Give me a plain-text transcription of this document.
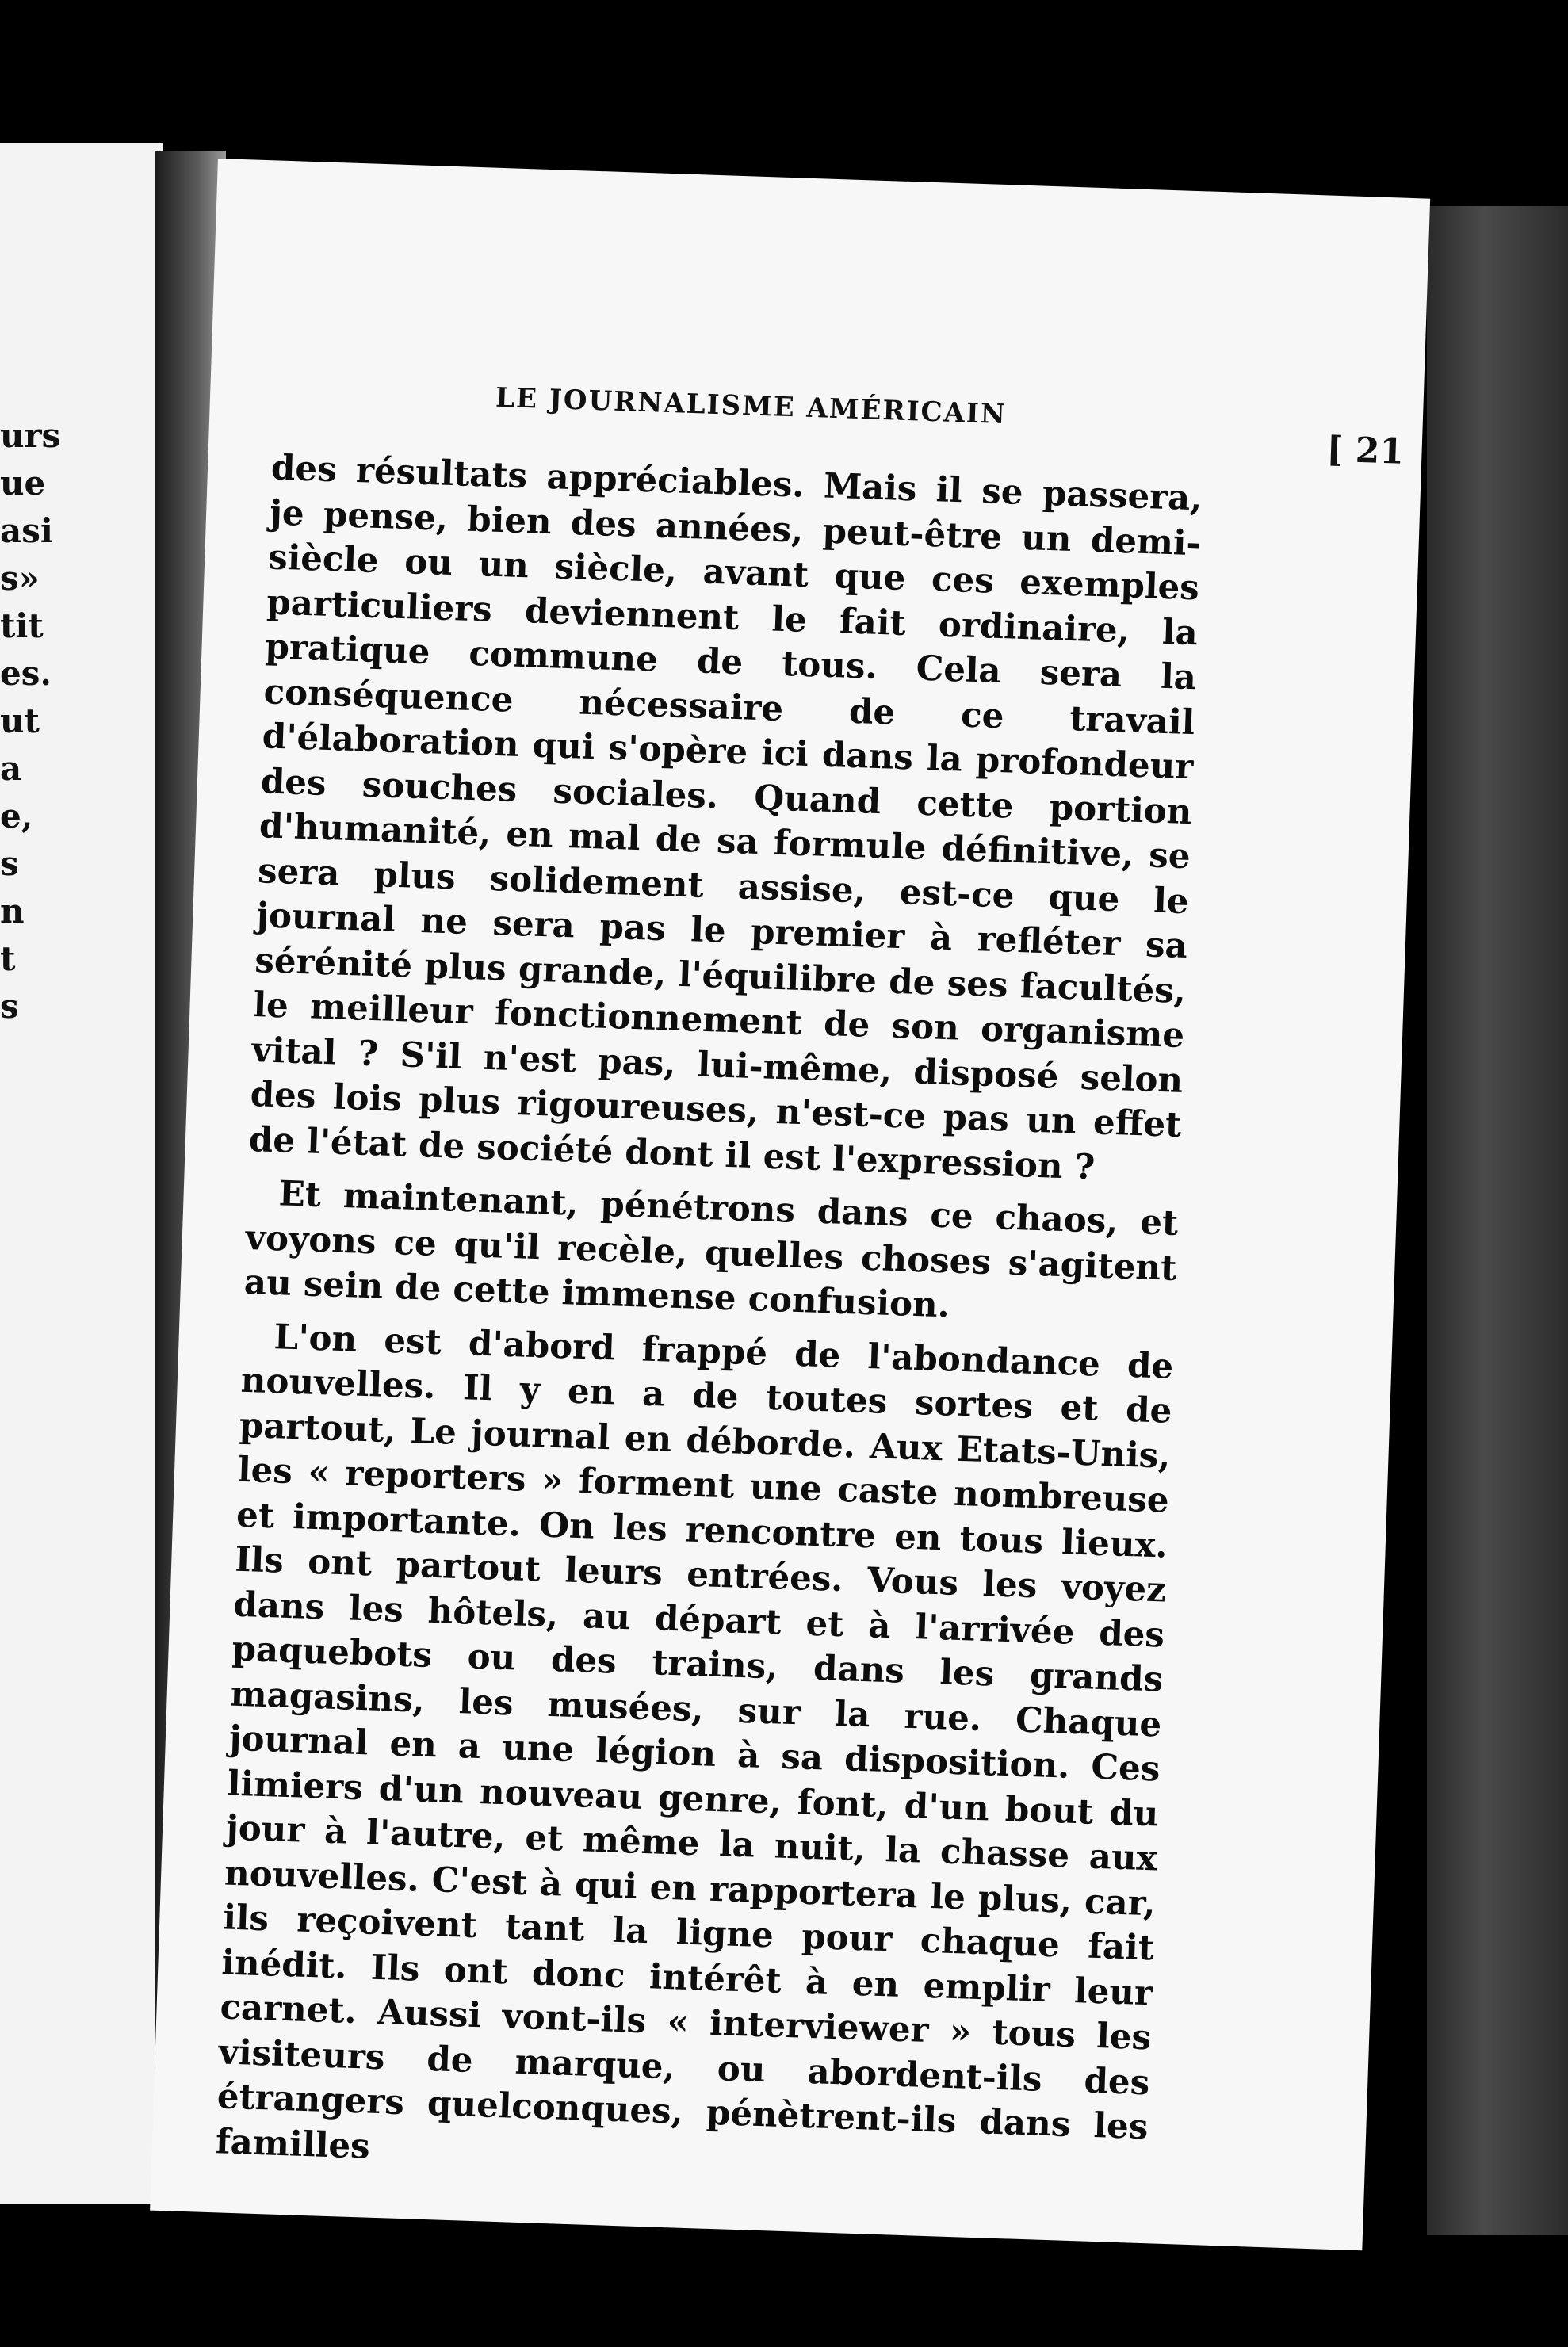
urs
ue
asi
s»
tit
es.
ut
a
e,
s
n
t
s
LE JOURNALISME AMÉRICAIN
[ 21

des résultats appréciables. Mais il se passera, je pense, bien des années, peut-être un demi-siècle ou un siècle, avant que ces exemples particuliers deviennent le fait ordinaire, la pratique commune de tous. Cela sera la conséquence nécessaire de ce travail d'élaboration qui s'opère ici dans la profondeur des souches sociales. Quand cette portion d'humanité, en mal de sa formule définitive, se sera plus solidement assise, est-ce que le journal ne sera pas le premier à refléter sa sérénité plus grande, l'équilibre de ses facultés, le meilleur fonctionnement de son organisme vital ? S'il n'est pas, lui-même, disposé selon des lois plus rigoureuses, n'est-ce pas un effet de l'état de société dont il est l'expression ?

Et maintenant, pénétrons dans ce chaos, et voyons ce qu'il recèle, quelles choses s'agitent au sein de cette immense confusion.

L'on est d'abord frappé de l'abondance de nouvelles. Il y en a de toutes sortes et de partout, Le journal en déborde. Aux Etats-Unis, les « reporters » forment une caste nombreuse et importante. On les rencontre en tous lieux. Ils ont partout leurs entrées. Vous les voyez dans les hôtels, au départ et à l'arrivée des paquebots ou des trains, dans les grands magasins, les musées, sur la rue. Chaque journal en a une légion à sa disposition. Ces limiers d'un nouveau genre, font, d'un bout du jour à l'autre, et même la nuit, la chasse aux nouvelles. C'est à qui en rapportera le plus, car, ils reçoivent tant la ligne pour chaque fait inédit. Ils ont donc intérêt à en emplir leur carnet. Aussi vont-ils « interviewer » tous les visiteurs de marque, ou abordent-ils des étrangers quelconques, pénètrent-ils dans les familles
